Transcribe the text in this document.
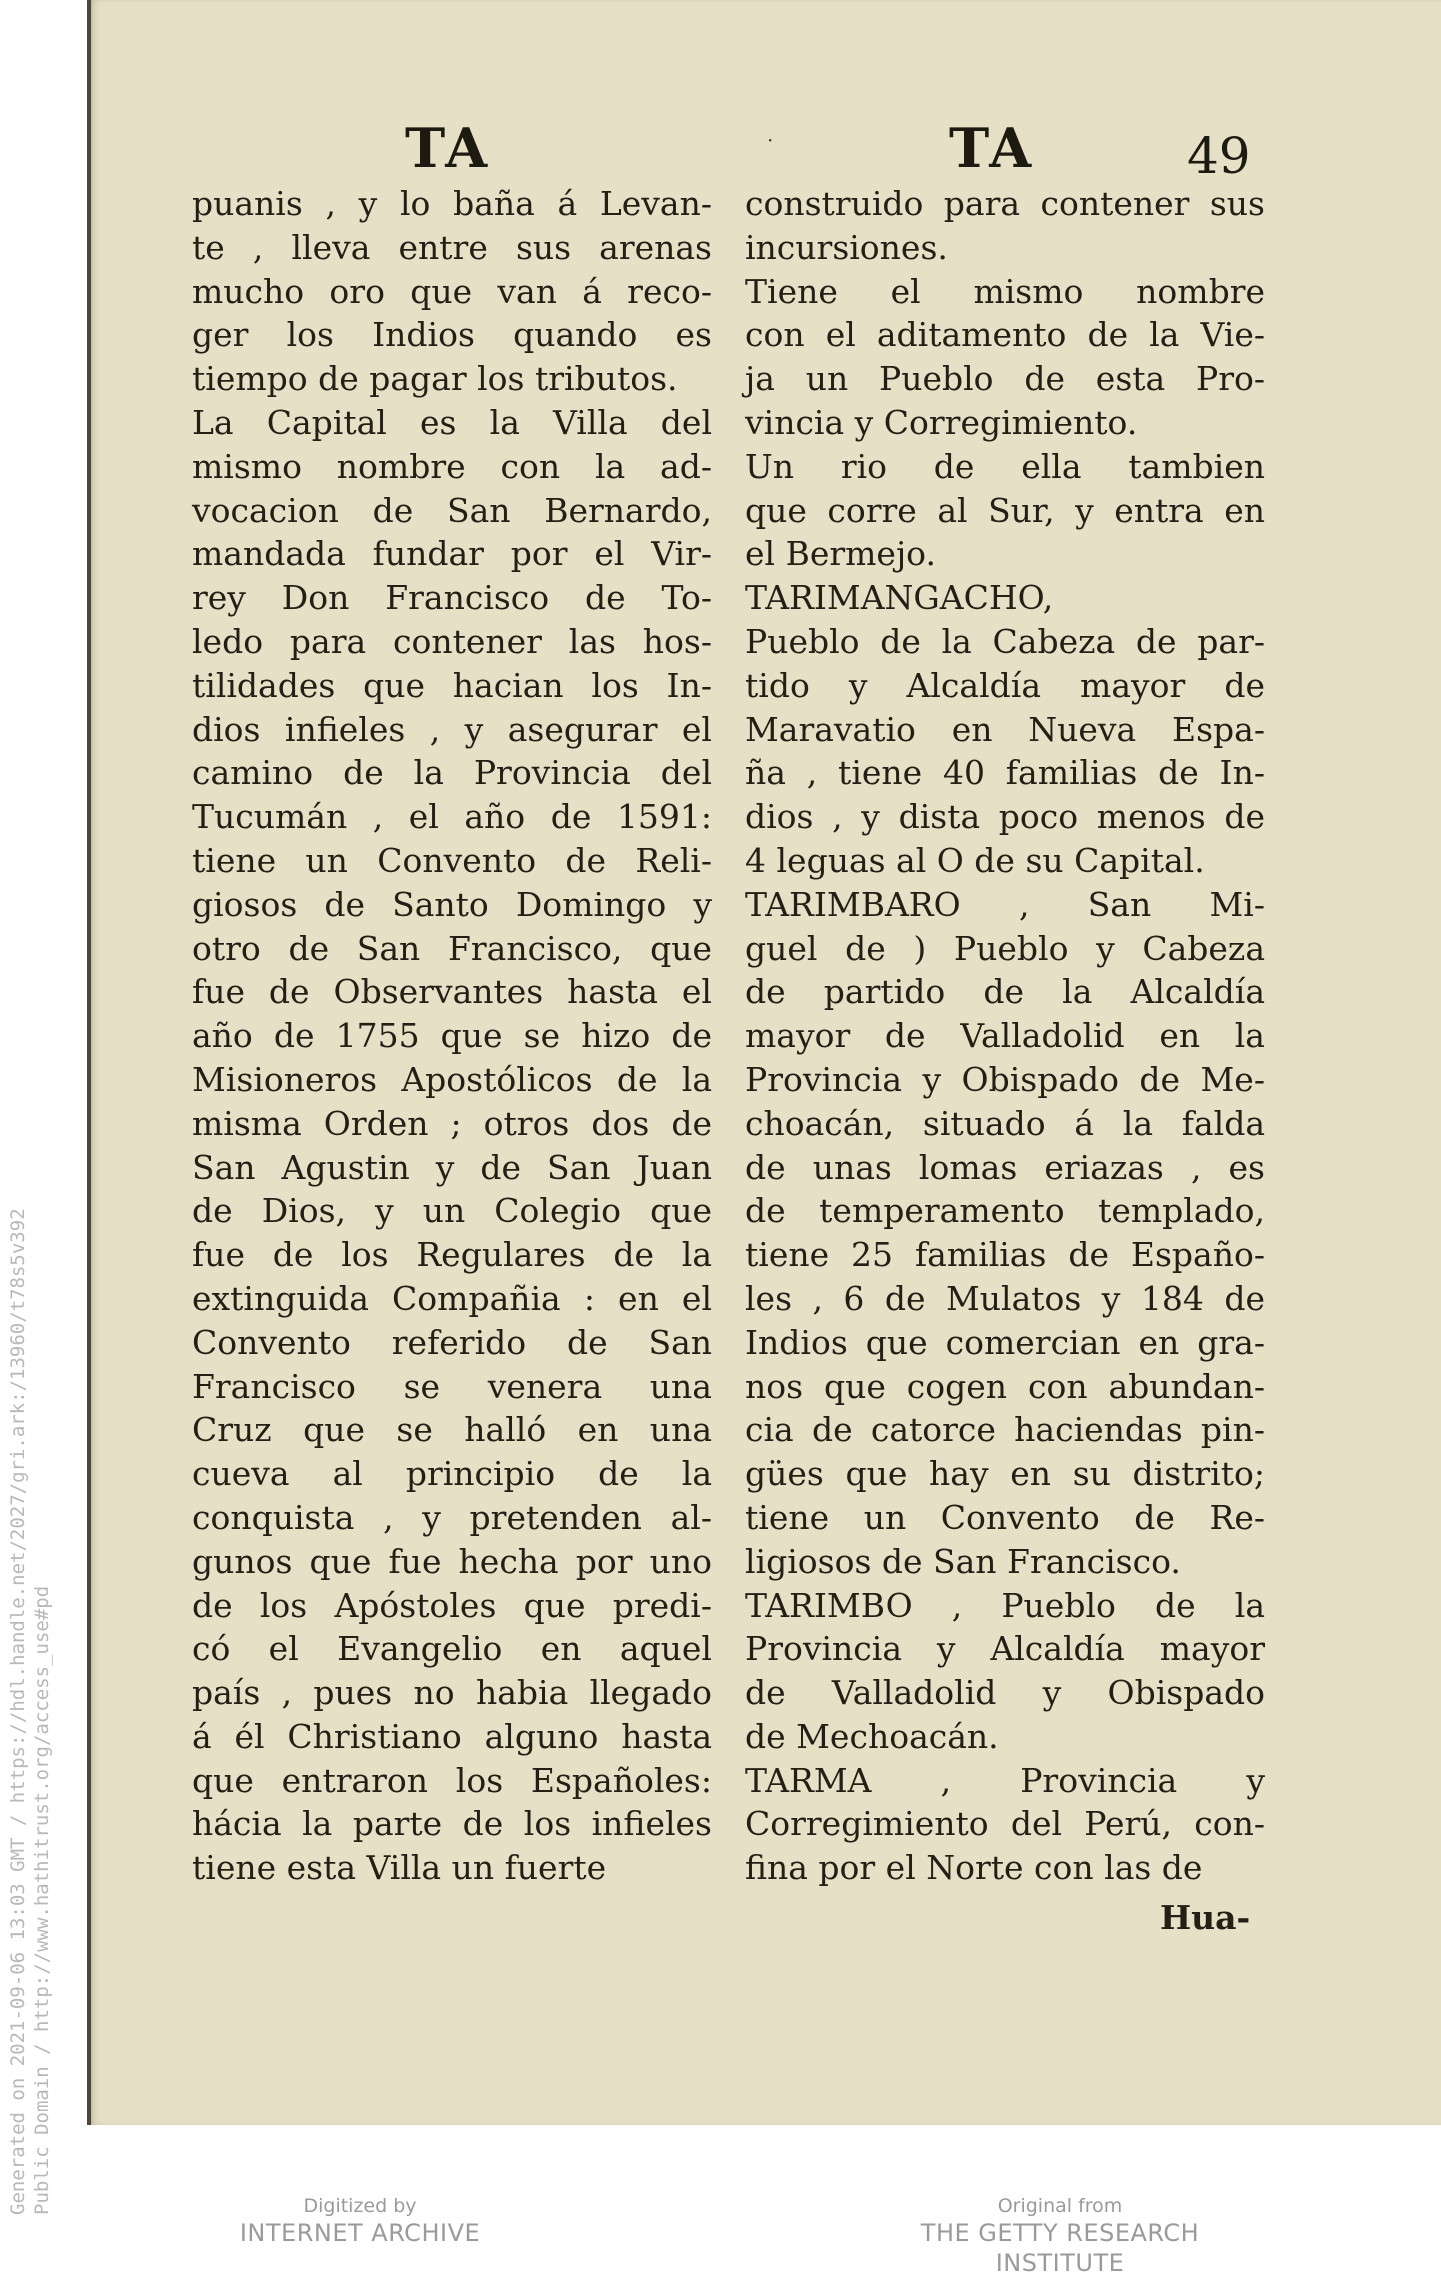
Generated on 2021-09-06 13:03 GMT / https://hdl.handle.net/2027/gri.ark:/13960/t78s5v392 Public Domain / http://www.hathitrust.org/access_use#pd
TA	·	TA	49
puanis , y lo baña á Levan-
te , lleva entre sus arenas
mucho oro que van á reco-
ger los Indios quando es
tiempo de pagar los tributos.
La Capital es la Villa del
mismo nombre con la ad-
vocacion de San Bernardo,
mandada fundar por el Vir-
rey Don Francisco de To-
ledo para contener las hos-
tilidades que hacian los In-
dios infieles , y asegurar el
camino de la Provincia del
Tucumán , el año de 1591:
tiene un Convento de Reli-
giosos de Santo Domingo y
otro de San Francisco, que
fue de Observantes hasta el
año de 1755 que se hizo de
Misioneros Apostólicos de la
misma Orden ; otros dos de
San Agustin y de San Juan
de Dios, y un Colegio que
fue de los Regulares de la
extinguida Compañia : en el
Convento referido de San
Francisco se venera una
Cruz que se halló en una
cueva al principio de la
conquista , y pretenden al-
gunos que fue hecha por uno
de los Apóstoles que predi-
có el Evangelio en aquel
país , pues no habia llegado
á él Christiano alguno hasta
que entraron los Españoles:
hácia la parte de los infieles
tiene esta Villa un fuerte
construido para contener sus
incursiones.
Tiene el mismo nombre
con el aditamento de la Vie-
ja un Pueblo de esta Pro-
vincia y Corregimiento.
Un rio de ella tambien
que corre al Sur, y entra en
el Bermejo.
TARIMANGACHO,
Pueblo de la Cabeza de par-
tido y Alcaldía mayor de
Maravatio en Nueva Espa-
ña , tiene 40 familias de In-
dios , y dista poco menos de
4 leguas al O de su Capital.
TARIMBARO , San Mi-
guel de ) Pueblo y Cabeza
de partido de la Alcaldía
mayor de Valladolid en la
Provincia y Obispado de Me-
choacán, situado á la falda
de unas lomas eriazas , es
de temperamento templado,
tiene 25 familias de Españo-
les , 6 de Mulatos y 184 de
Indios que comercian en gra-
nos que cogen con abundan-
cia de catorce haciendas pin-
gües que hay en su distrito;
tiene un Convento de Re-
ligiosos de San Francisco.
TARIMBO , Pueblo de la
Provincia y Alcaldía mayor
de Valladolid y Obispado
de Mechoacán.
TARMA , Provincia y
Corregimiento del Perú, con-
fina por el Norte con las de
Hua-
Digitized by
INTERNET ARCHIVE
Original from
THE GETTY RESEARCH INSTITUTE
